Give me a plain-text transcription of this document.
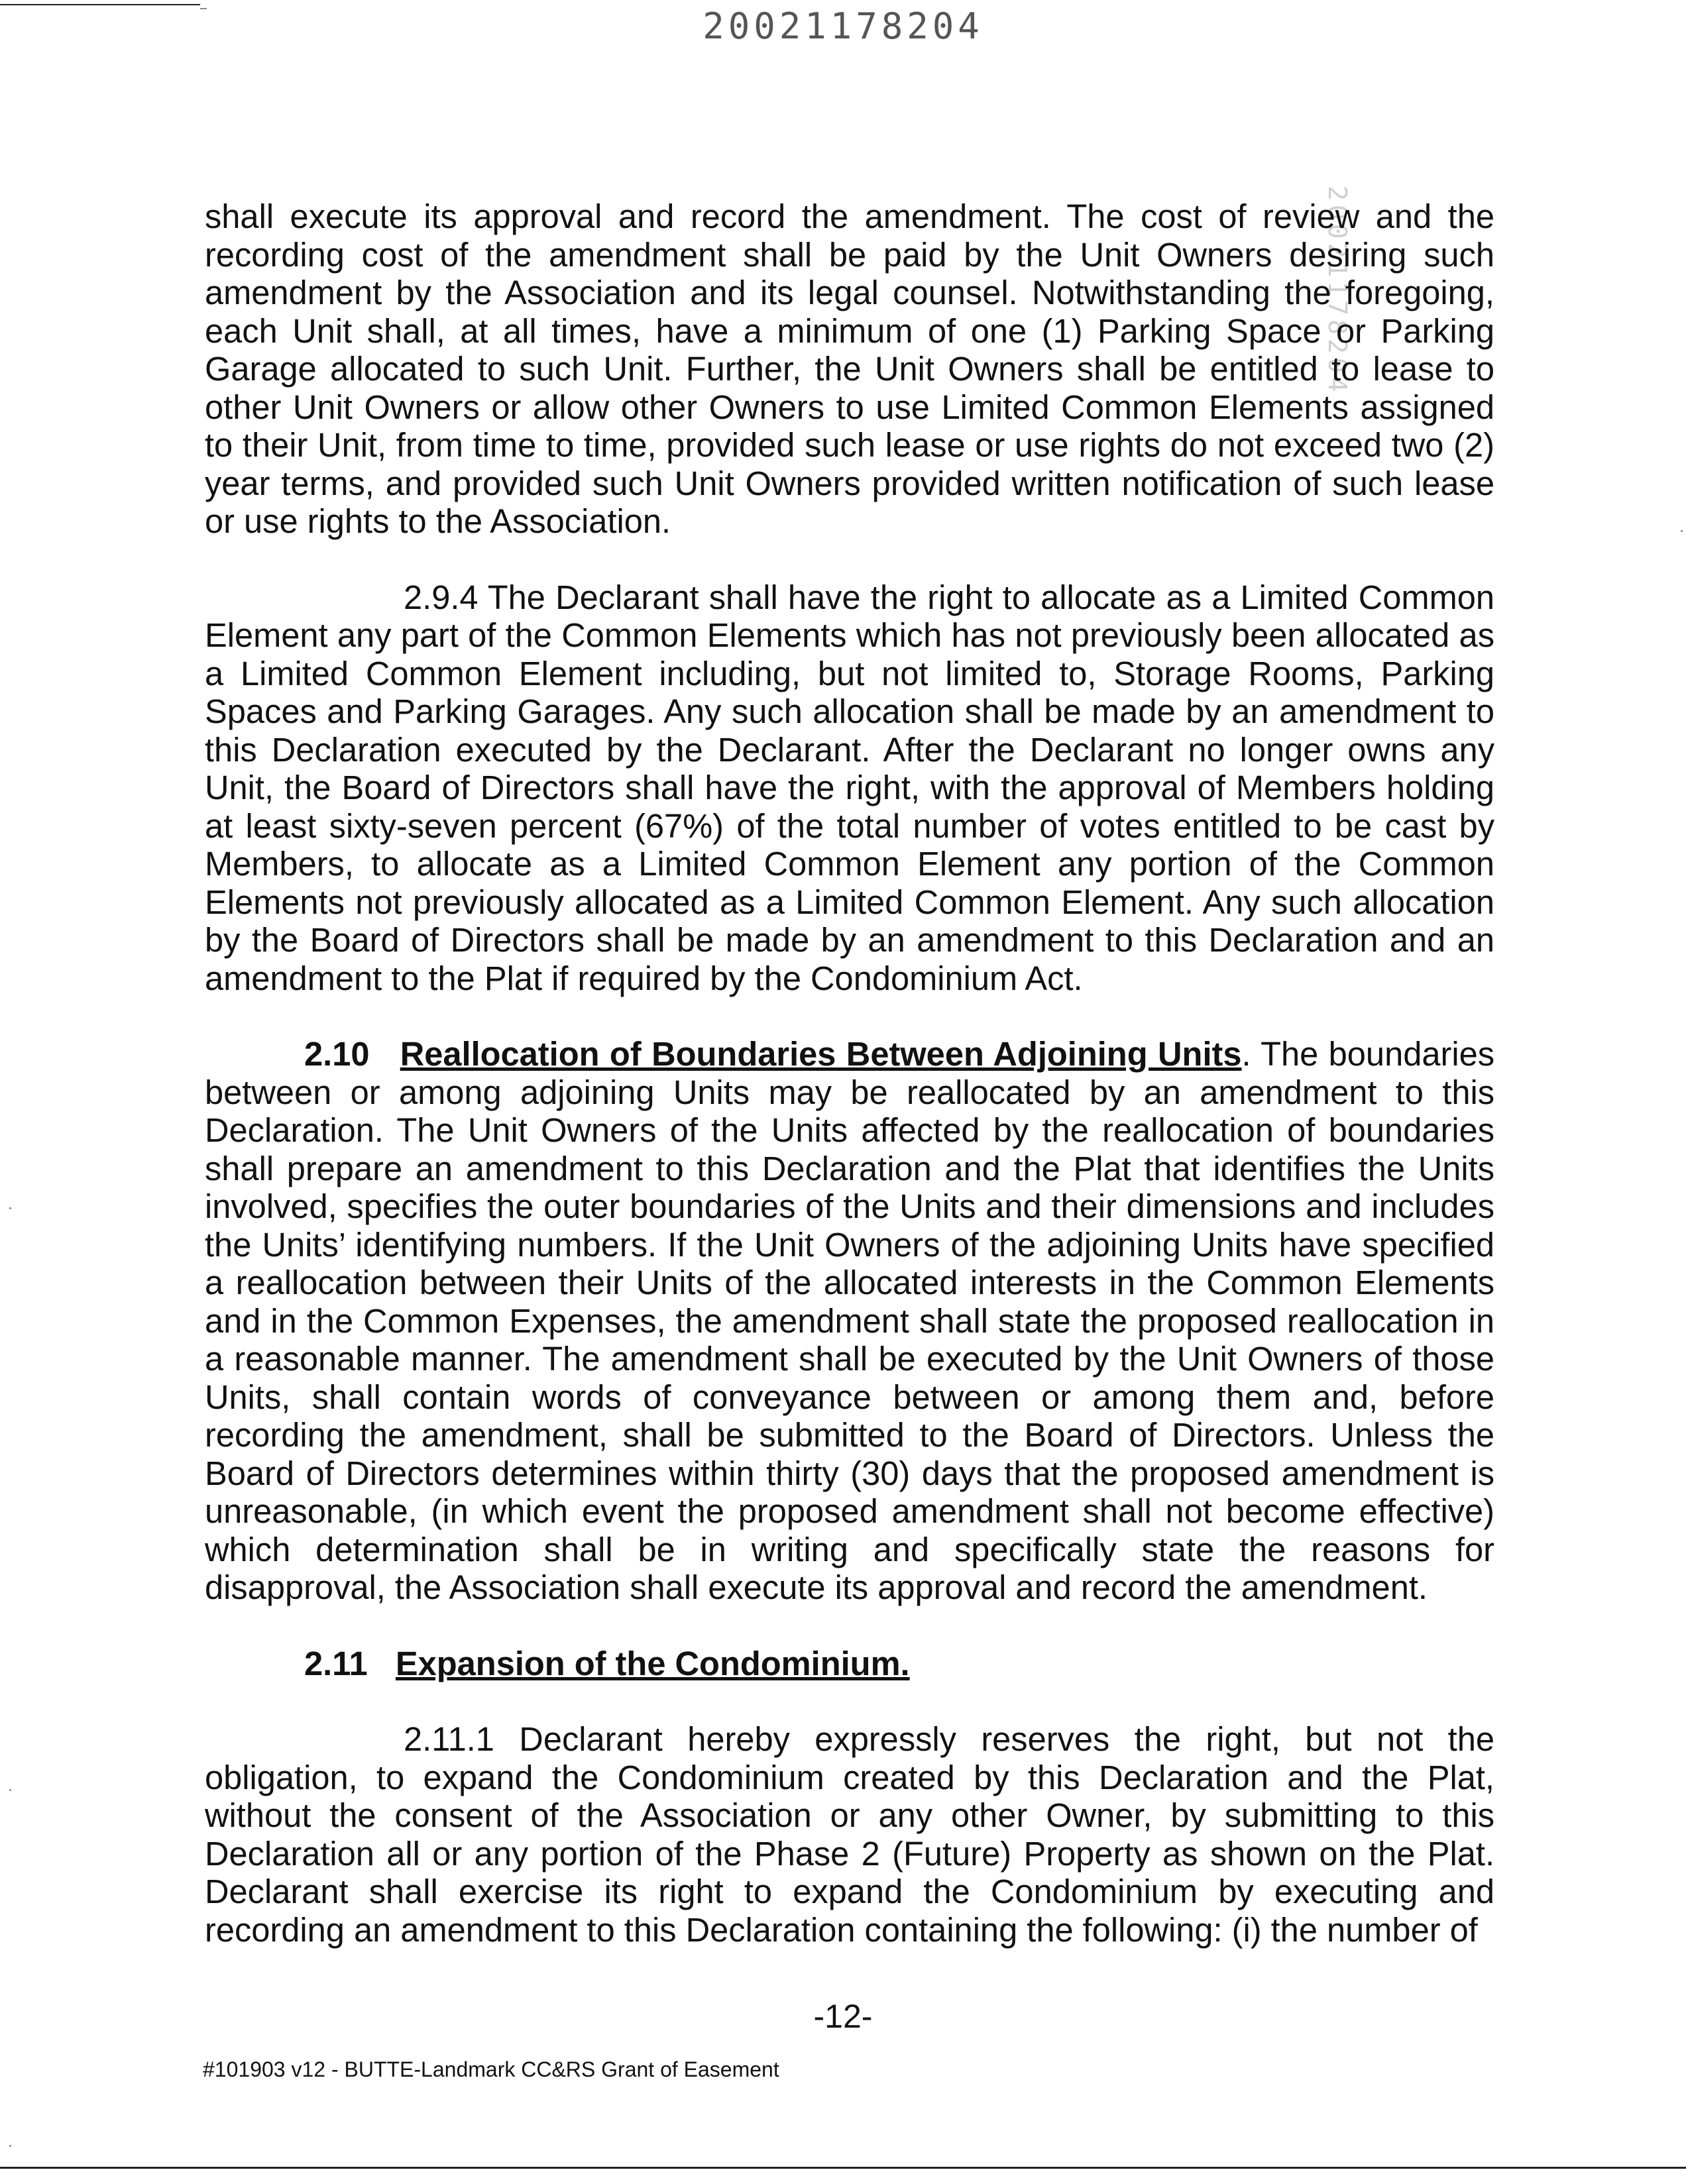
20021178204
20021178204

shall execute its approval and record the amendment. The cost of review and the recording cost of the amendment shall be paid by the Unit Owners desiring such amendment by the Association and its legal counsel. Notwithstanding the foregoing, each Unit shall, at all times, have a minimum of one (1) Parking Space or Parking Garage allocated to such Unit. Further, the Unit Owners shall be entitled to lease to other Unit Owners or allow other Owners to use Limited Common Elements assigned to their Unit, from time to time, provided such lease or use rights do not exceed two (2) year terms, and provided such Unit Owners provided written notification of such lease or use rights to the Association.

2.9.4 The Declarant shall have the right to allocate as a Limited Common Element any part of the Common Elements which has not previously been allocated as a Limited Common Element including, but not limited to, Storage Rooms, Parking Spaces and Parking Garages. Any such allocation shall be made by an amendment to this Declaration executed by the Declarant. After the Declarant no longer owns any Unit, the Board of Directors shall have the right, with the approval of Members holding at least sixty-seven percent (67%) of the total number of votes entitled to be cast by Members, to allocate as a Limited Common Element any portion of the Common Elements not previously allocated as a Limited Common Element. Any such allocation by the Board of Directors shall be made by an amendment to this Declaration and an amendment to the Plat if required by the Condominium Act.

2.10 Reallocation of Boundaries Between Adjoining Units. The boundaries between or among adjoining Units may be reallocated by an amendment to this Declaration. The Unit Owners of the Units affected by the reallocation of boundaries shall prepare an amendment to this Declaration and the Plat that identifies the Units involved, specifies the outer boundaries of the Units and their dimensions and includes the Units’ identifying numbers. If the Unit Owners of the adjoining Units have specified a reallocation between their Units of the allocated interests in the Common Elements and in the Common Expenses, the amendment shall state the proposed reallocation in a reasonable manner. The amendment shall be executed by the Unit Owners of those Units, shall contain words of conveyance between or among them and, before recording the amendment, shall be submitted to the Board of Directors. Unless the Board of Directors determines within thirty (30) days that the proposed amendment is unreasonable, (in which event the proposed amendment shall not become effective) which determination shall be in writing and specifically state the reasons for disapproval, the Association shall execute its approval and record the amendment.

2.11 Expansion of the Condominium.

2.11.1 Declarant hereby expressly reserves the right, but not the obligation, to expand the Condominium created by this Declaration and the Plat, without the consent of the Association or any other Owner, by submitting to this Declaration all or any portion of the Phase 2 (Future) Property as shown on the Plat. Declarant shall exercise its right to expand the Condominium by executing and recording an amendment to this Declaration containing the following: (i) the number of

-12-
#101903 v12 - BUTTE-Landmark CC&RS Grant of Easement
